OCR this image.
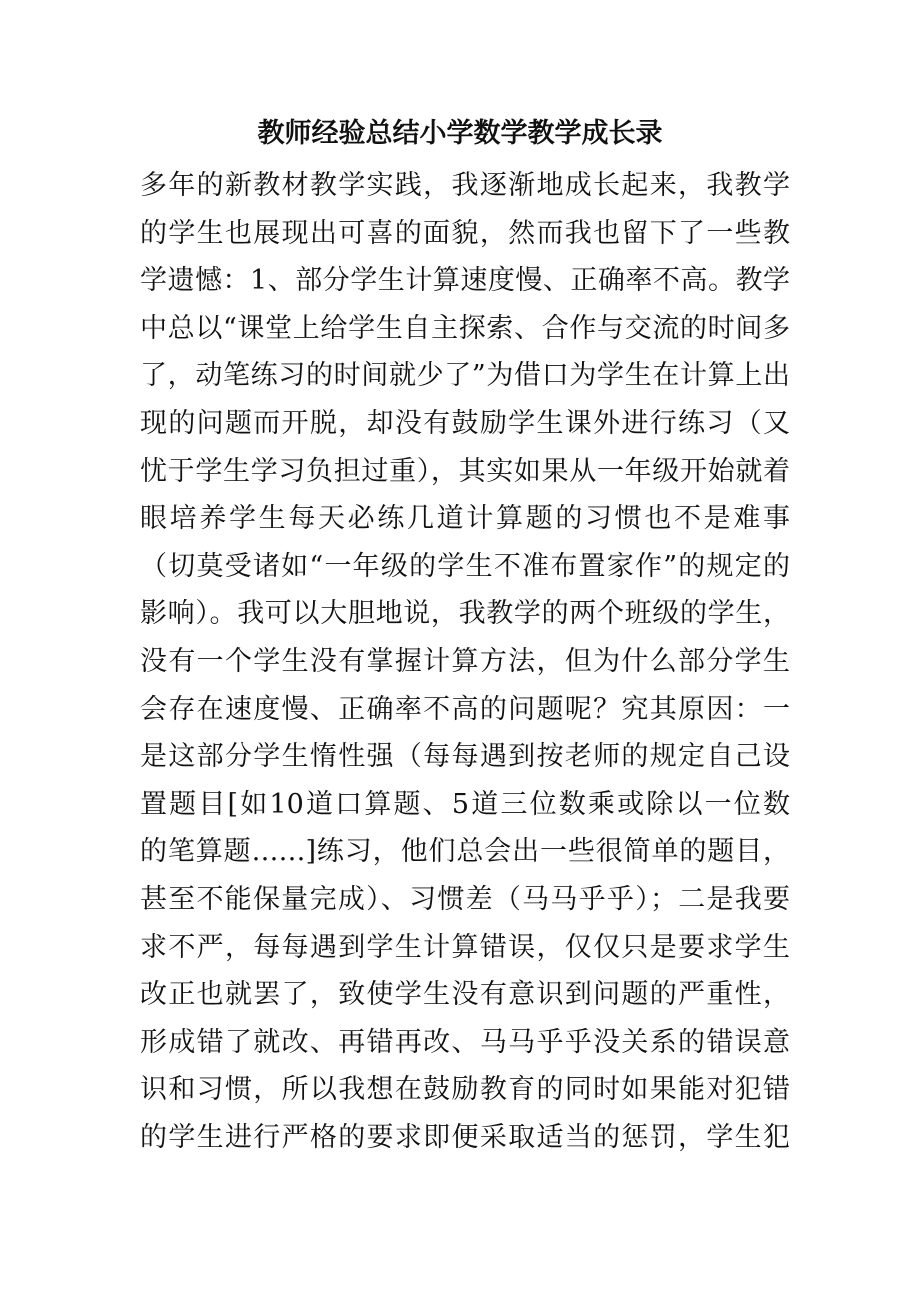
教师经验总结小学数学教学成长录
多年的新教材教学实践，我逐渐地成长起来，我教学
的学生也展现出可喜的面貌，然而我也留下了一些教
学遗憾：1、部分学生计算速度慢、正确率不高。教学
中总以“课堂上给学生自主探索、合作与交流的时间多
了，动笔练习的时间就少了”为借口为学生在计算上出
现的问题而开脱，却没有鼓励学生课外进行练习（又
忧于学生学习负担过重），其实如果从一年级开始就着
眼培养学生每天必练几道计算题的习惯也不是难事
（切莫受诸如“一年级的学生不准布置家作”的规定的
影响）。我可以大胆地说，我教学的两个班级的学生，
没有一个学生没有掌握计算方法，但为什么部分学生
会存在速度慢、正确率不高的问题呢？究其原因：一
是这部分学生惰性强（每每遇到按老师的规定自己设
置题目[如10道口算题、5道三位数乘或除以一位数
的笔算题……]练习，他们总会出一些很简单的题目，
甚至不能保量完成）、习惯差（马马乎乎）；二是我要
求不严，每每遇到学生计算错误，仅仅只是要求学生
改正也就罢了，致使学生没有意识到问题的严重性，
形成错了就改、再错再改、马马乎乎没关系的错误意
识和习惯，所以我想在鼓励教育的同时如果能对犯错
的学生进行严格的要求即便采取适当的惩罚，学生犯
